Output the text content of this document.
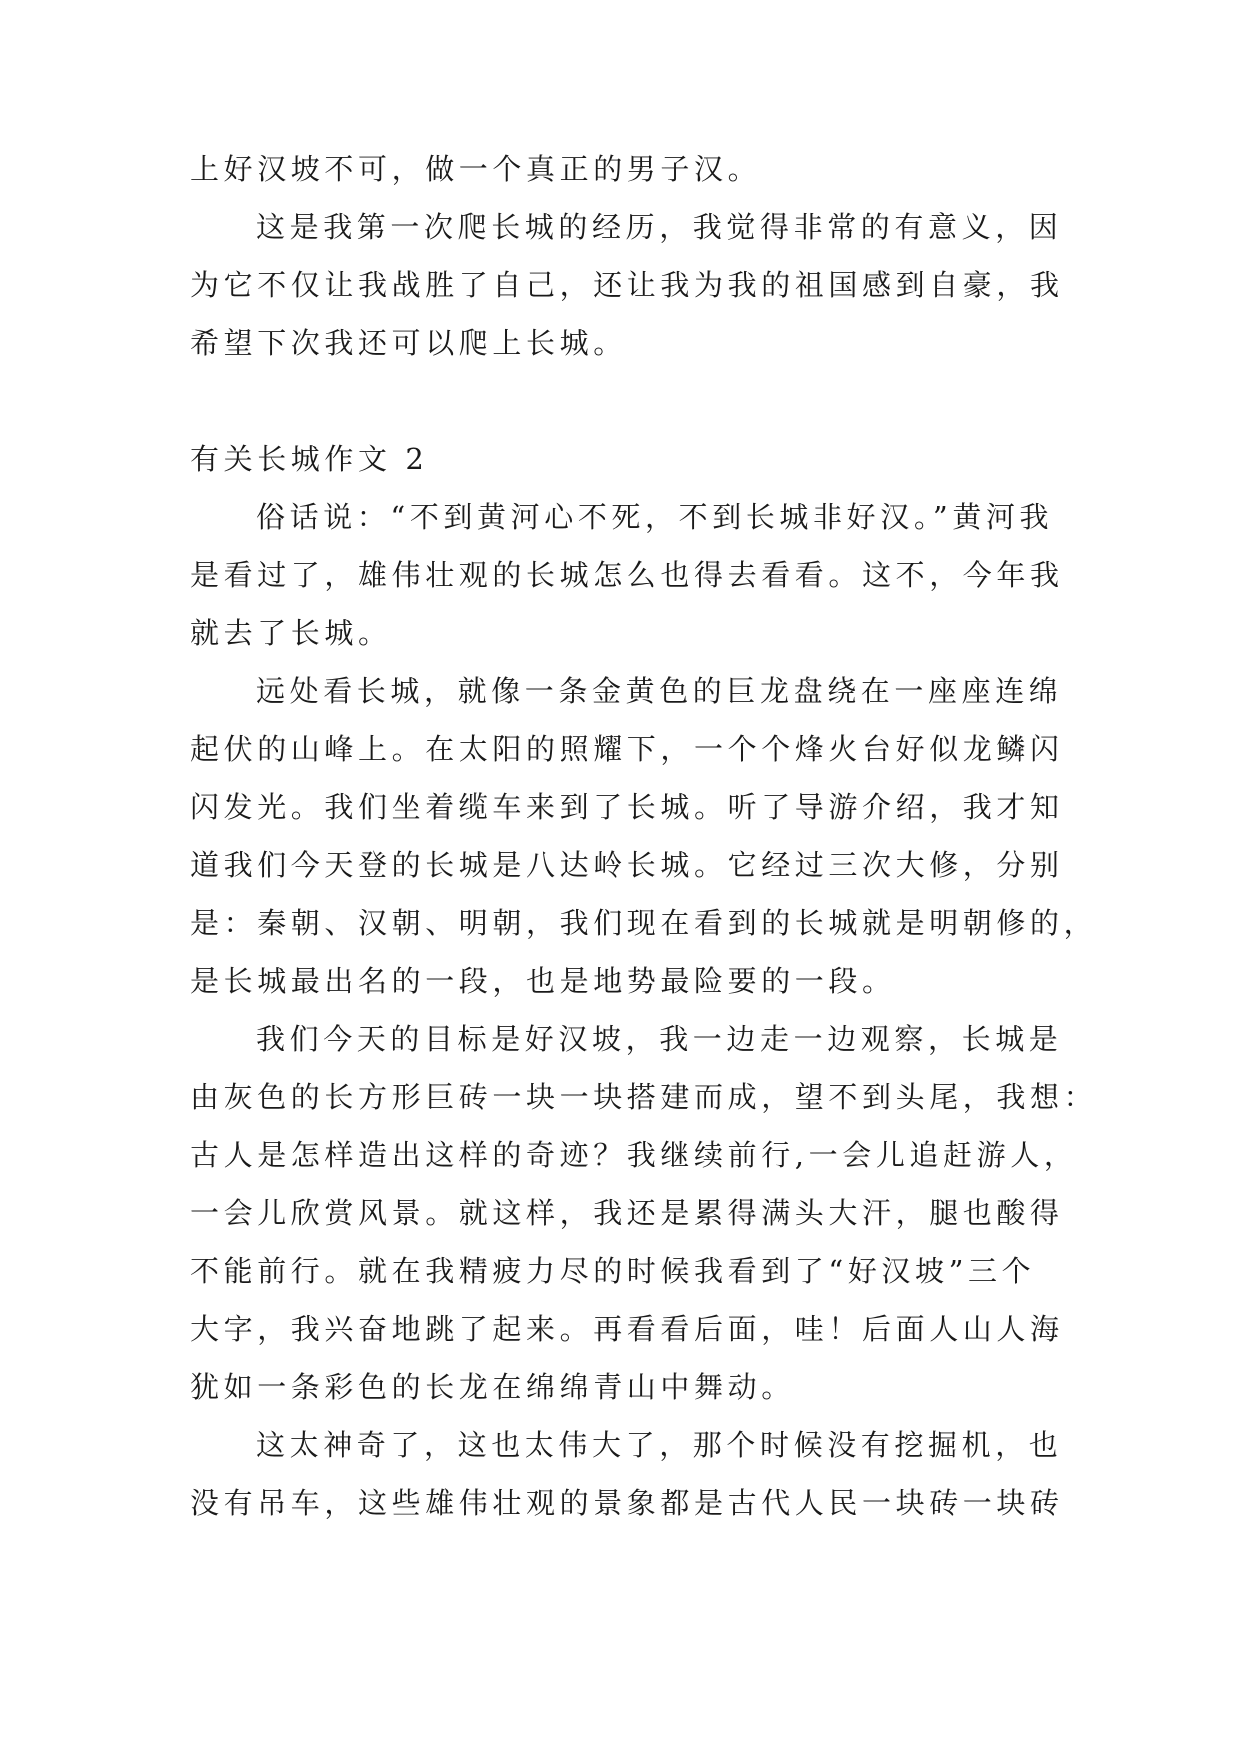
上好汉坡不可，做一个真正的男子汉。
这是我第一次爬长城的经历，我觉得非常的有意义，因
为它不仅让我战胜了自己，还让我为我的祖国感到自豪，我
希望下次我还可以爬上长城。
有关长城作文 2
俗话说：“不到黄河心不死，不到长城非好汉。”黄河我
是看过了，雄伟壮观的长城怎么也得去看看。这不，今年我
就去了长城。
远处看长城，就像一条金黄色的巨龙盘绕在一座座连绵
起伏的山峰上。在太阳的照耀下，一个个烽火台好似龙鳞闪
闪发光。我们坐着缆车来到了长城。听了导游介绍，我才知
道我们今天登的长城是八达岭长城。它经过三次大修，分别
是：秦朝、汉朝、明朝，我们现在看到的长城就是明朝修的，
是长城最出名的一段，也是地势最险要的一段。
我们今天的目标是好汉坡，我一边走一边观察，长城是
由灰色的长方形巨砖一块一块搭建而成，望不到头尾，我想：
古人是怎样造出这样的奇迹？我继续前行,一会儿追赶游人，
一会儿欣赏风景。就这样，我还是累得满头大汗，腿也酸得
不能前行。就在我精疲力尽的时候我看到了“好汉坡”三个
大字，我兴奋地跳了起来。再看看后面，哇！后面人山人海
犹如一条彩色的长龙在绵绵青山中舞动。
这太神奇了，这也太伟大了，那个时候没有挖掘机，也
没有吊车，这些雄伟壮观的景象都是古代人民一块砖一块砖
